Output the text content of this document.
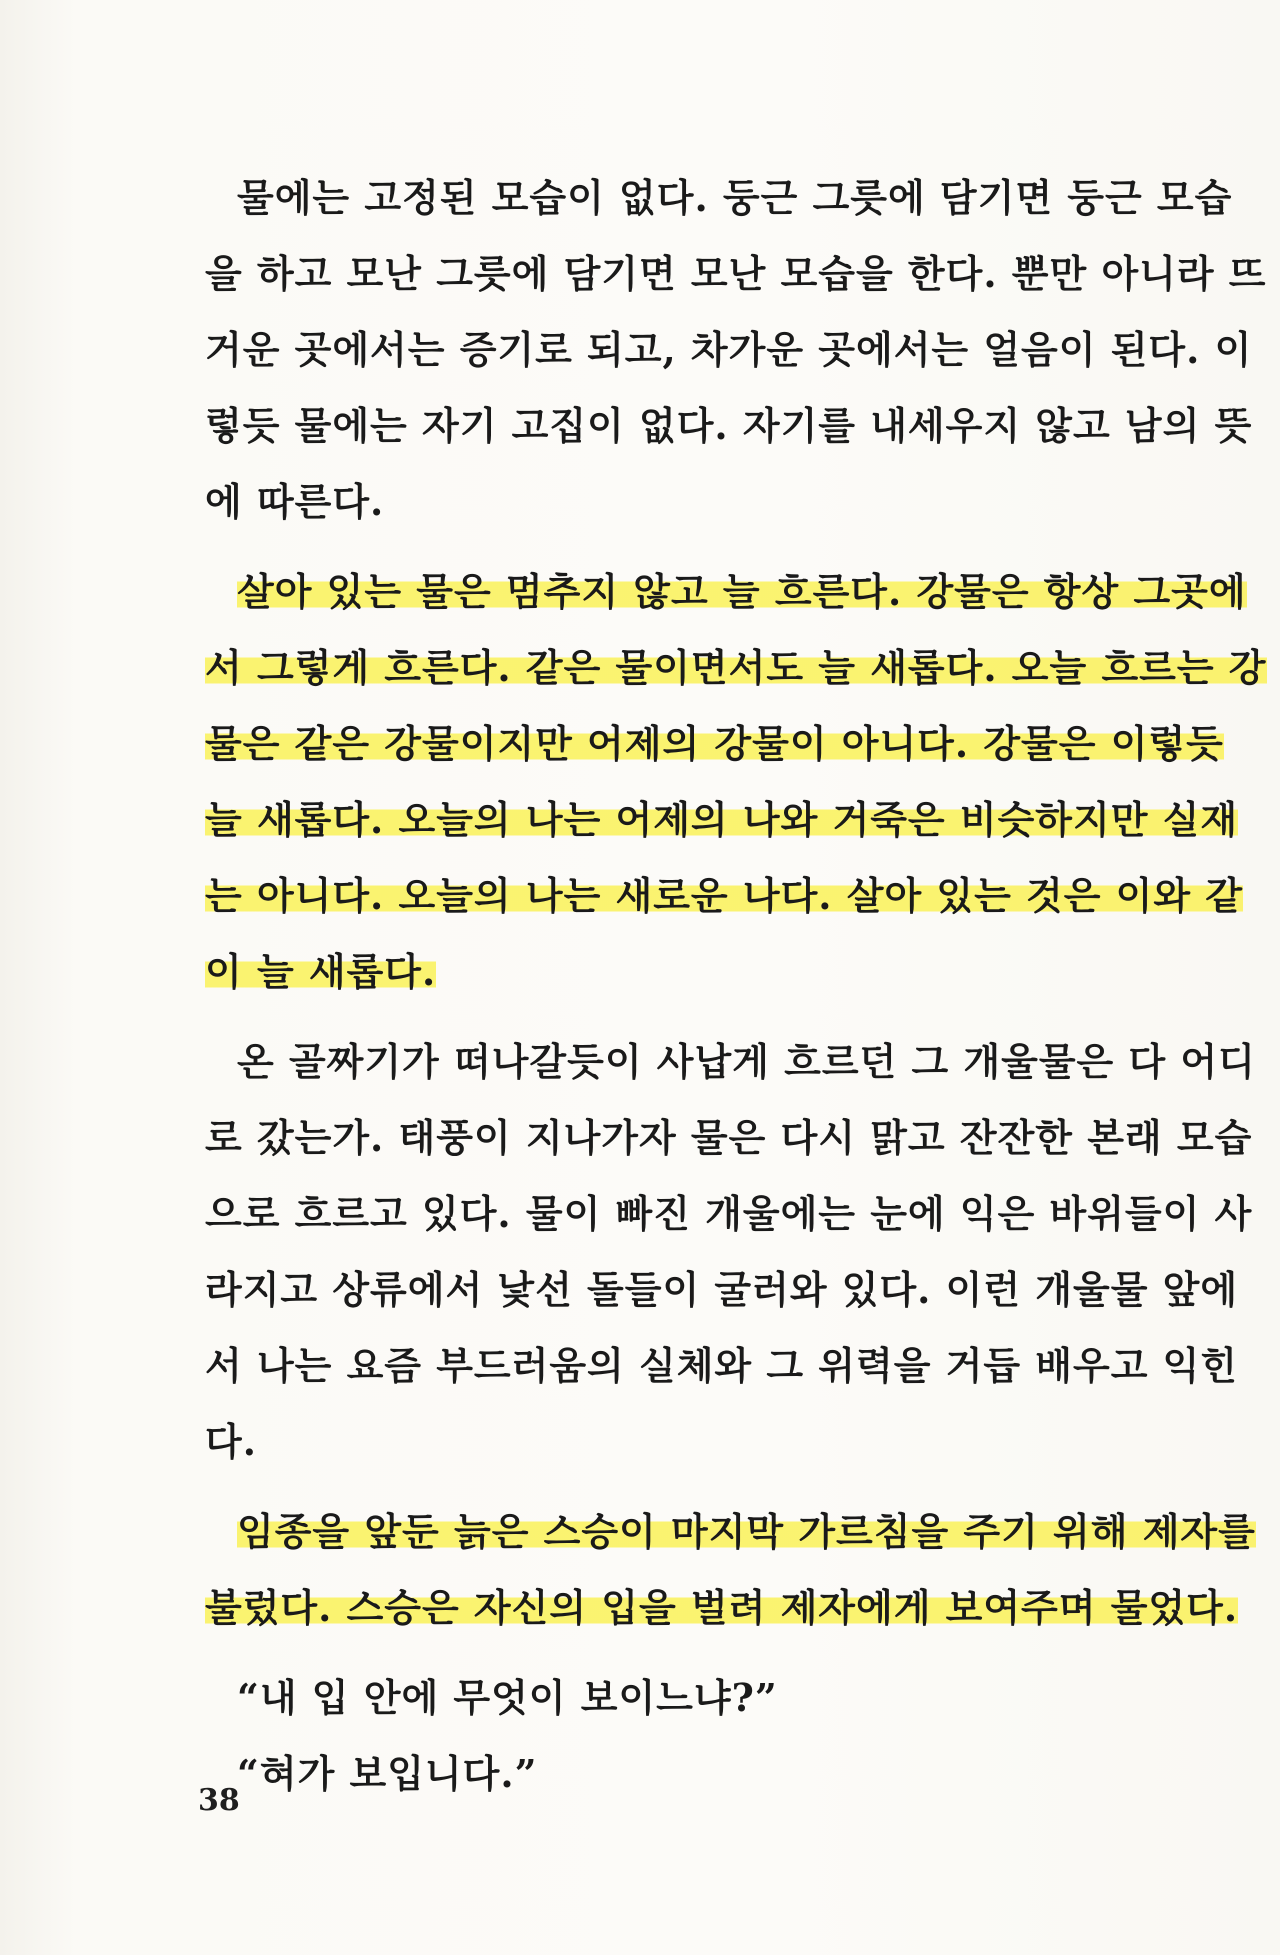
물에는 고정된 모습이 없다. 둥근 그릇에 담기면 둥근 모습
을 하고 모난 그릇에 담기면 모난 모습을 한다. 뿐만 아니라 뜨
거운 곳에서는 증기로 되고, 차가운 곳에서는 얼음이 된다. 이
렇듯 물에는 자기 고집이 없다. 자기를 내세우지 않고 남의 뜻
에 따른다.

살아 있는 물은 멈추지 않고 늘 흐른다. 강물은 항상 그곳에
서 그렇게 흐른다. 같은 물이면서도 늘 새롭다. 오늘 흐르는 강
물은 같은 강물이지만 어제의 강물이 아니다. 강물은 이렇듯
늘 새롭다. 오늘의 나는 어제의 나와 거죽은 비슷하지만 실재
는 아니다. 오늘의 나는 새로운 나다. 살아 있는 것은 이와 같
이 늘 새롭다.

온 골짜기가 떠나갈듯이 사납게 흐르던 그 개울물은 다 어디
로 갔는가. 태풍이 지나가자 물은 다시 맑고 잔잔한 본래 모습
으로 흐르고 있다. 물이 빠진 개울에는 눈에 익은 바위들이 사
라지고 상류에서 낯선 돌들이 굴러와 있다. 이런 개울물 앞에
서 나는 요즘 부드러움의 실체와 그 위력을 거듭 배우고 익힌
다.

임종을 앞둔 늙은 스승이 마지막 가르침을 주기 위해 제자를
불렀다. 스승은 자신의 입을 벌려 제자에게 보여주며 물었다.

“내 입 안에 무엇이 보이느냐?”

“혀가 보입니다.”

38
